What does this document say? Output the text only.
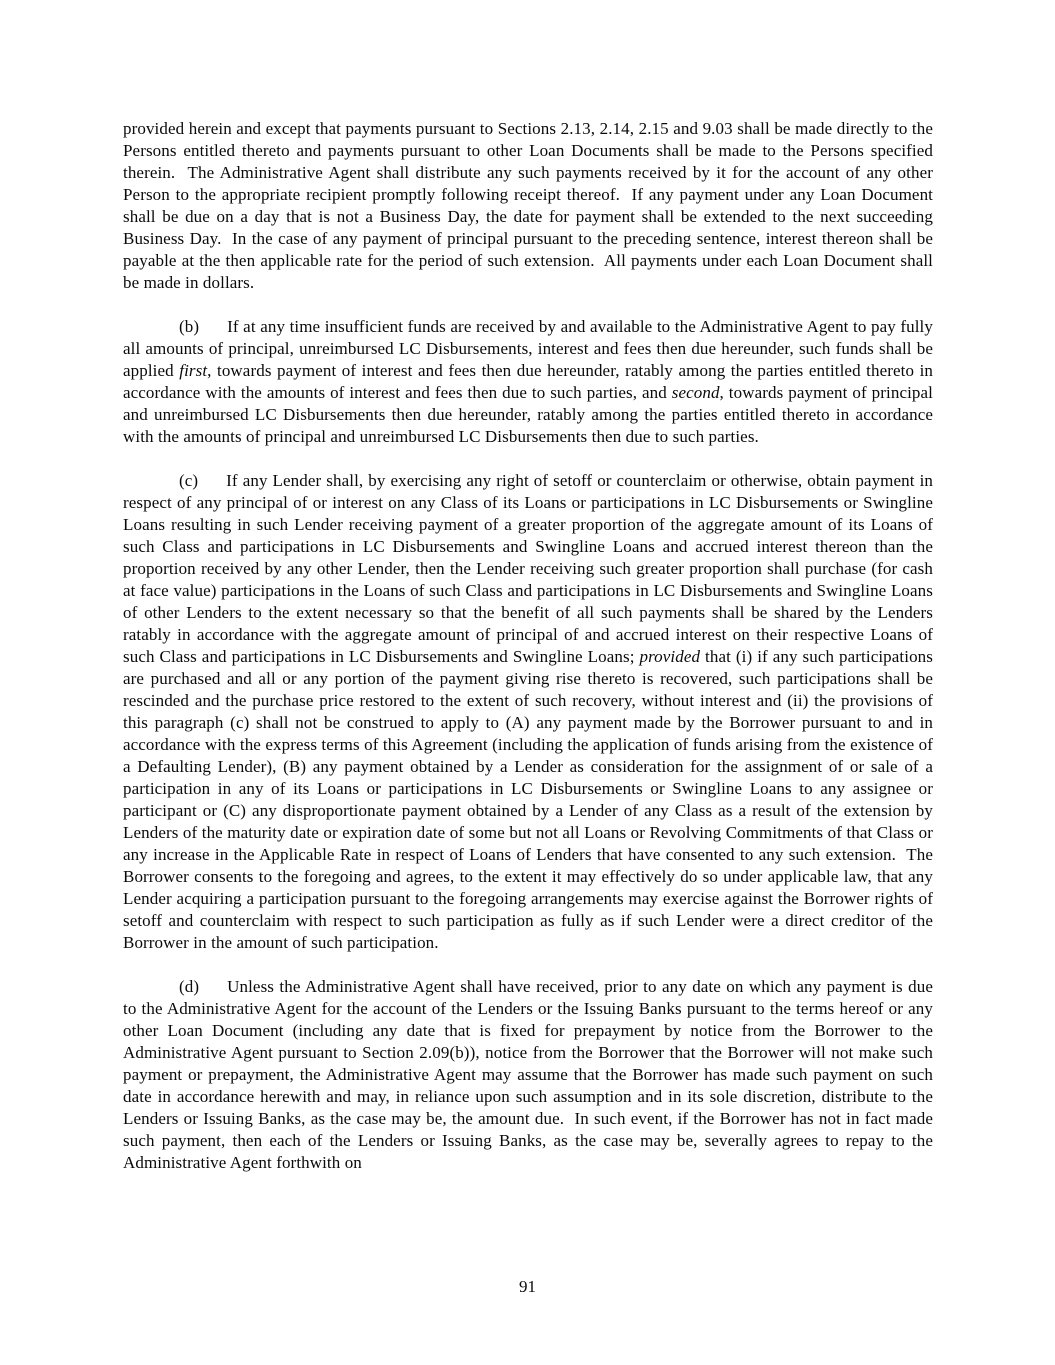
provided herein and except that payments pursuant to Sections 2.13, 2.14, 2.15 and 9.03 shall be made directly to the Persons entitled thereto and payments pursuant to other Loan Documents shall be made to the Persons specified therein.  The Administrative Agent shall distribute any such payments received by it for the account of any other Person to the appropriate recipient promptly following receipt thereof.  If any payment under any Loan Document shall be due on a day that is not a Business Day, the date for payment shall be extended to the next succeeding Business Day.  In the case of any payment of principal pursuant to the preceding sentence, interest thereon shall be payable at the then applicable rate for the period of such extension.  All payments under each Loan Document shall be made in dollars.

(b) If at any time insufficient funds are received by and available to the Administrative Agent to pay fully all amounts of principal, unreimbursed LC Disbursements, interest and fees then due hereunder, such funds shall be applied first, towards payment of interest and fees then due hereunder, ratably among the parties entitled thereto in accordance with the amounts of interest and fees then due to such parties, and second, towards payment of principal and unreimbursed LC Disbursements then due hereunder, ratably among the parties entitled thereto in accordance with the amounts of principal and unreimbursed LC Disbursements then due to such parties.

(c) If any Lender shall, by exercising any right of setoff or counterclaim or otherwise, obtain payment in respect of any principal of or interest on any Class of its Loans or participations in LC Disbursements or Swingline Loans resulting in such Lender receiving payment of a greater proportion of the aggregate amount of its Loans of such Class and participations in LC Disbursements and Swingline Loans and accrued interest thereon than the proportion received by any other Lender, then the Lender receiving such greater proportion shall purchase (for cash at face value) participations in the Loans of such Class and participations in LC Disbursements and Swingline Loans of other Lenders to the extent necessary so that the benefit of all such payments shall be shared by the Lenders ratably in accordance with the aggregate amount of principal of and accrued interest on their respective Loans of such Class and participations in LC Disbursements and Swingline Loans; provided that (i) if any such participations are purchased and all or any portion of the payment giving rise thereto is recovered, such participations shall be rescinded and the purchase price restored to the extent of such recovery, without interest and (ii) the provisions of this paragraph (c) shall not be construed to apply to (A) any payment made by the Borrower pursuant to and in accordance with the express terms of this Agreement (including the application of funds arising from the existence of a Defaulting Lender), (B) any payment obtained by a Lender as consideration for the assignment of or sale of a participation in any of its Loans or participations in LC Disbursements or Swingline Loans to any assignee or participant or (C) any disproportionate payment obtained by a Lender of any Class as a result of the extension by Lenders of the maturity date or expiration date of some but not all Loans or Revolving Commitments of that Class or any increase in the Applicable Rate in respect of Loans of Lenders that have consented to any such extension.  The Borrower consents to the foregoing and agrees, to the extent it may effectively do so under applicable law, that any Lender acquiring a participation pursuant to the foregoing arrangements may exercise against the Borrower rights of setoff and counterclaim with respect to such participation as fully as if such Lender were a direct creditor of the Borrower in the amount of such participation.

(d) Unless the Administrative Agent shall have received, prior to any date on which any payment is due to the Administrative Agent for the account of the Lenders or the Issuing Banks pursuant to the terms hereof or any other Loan Document (including any date that is fixed for prepayment by notice from the Borrower to the Administrative Agent pursuant to Section 2.09(b)), notice from the Borrower that the Borrower will not make such payment or prepayment, the Administrative Agent may assume that the Borrower has made such payment on such date in accordance herewith and may, in reliance upon such assumption and in its sole discretion, distribute to the Lenders or Issuing Banks, as the case may be, the amount due.  In such event, if the Borrower has not in fact made such payment, then each of the Lenders or Issuing Banks, as the case may be, severally agrees to repay to the Administrative Agent forthwith on

91
